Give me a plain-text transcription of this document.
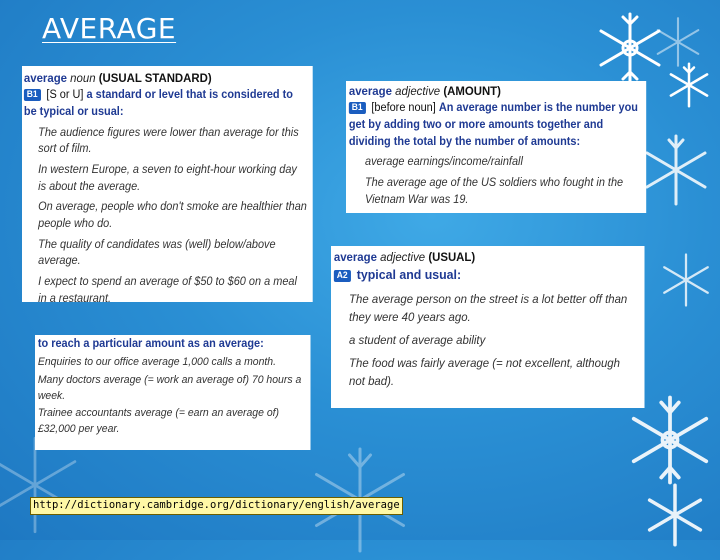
AVERAGE
average noun (USUAL STANDARD)
B1 [S or U] a standard or level that is considered to be typical or usual:
The audience figures were lower than average for this sort of film.
In western Europe, a seven to eight-hour working day is about the average.
On average, people who don't smoke are healthier than people who do.
The quality of candidates was (well) below/above average.
I expect to spend an average of $50 to $60 on a meal in a restaurant.
average adjective (AMOUNT)
B1 [before noun] An average number is the number you get by adding two or more amounts together and dividing the total by the number of amounts:
average earnings/income/rainfall
The average age of the US soldiers who fought in the Vietnam War was 19.
average adjective (USUAL)
A2 typical and usual:
The average person on the street is a lot better off than they were 40 years ago.
a student of average ability
The food was fairly average (= not excellent, although not bad).
to reach a particular amount as an average:
Enquiries to our office average 1,000 calls a month.
Many doctors average (= work an average of) 70 hours a week.
Trainee accountants average (= earn an average of) £32,000 per year.
http://dictionary.cambridge.org/dictionary/english/average
